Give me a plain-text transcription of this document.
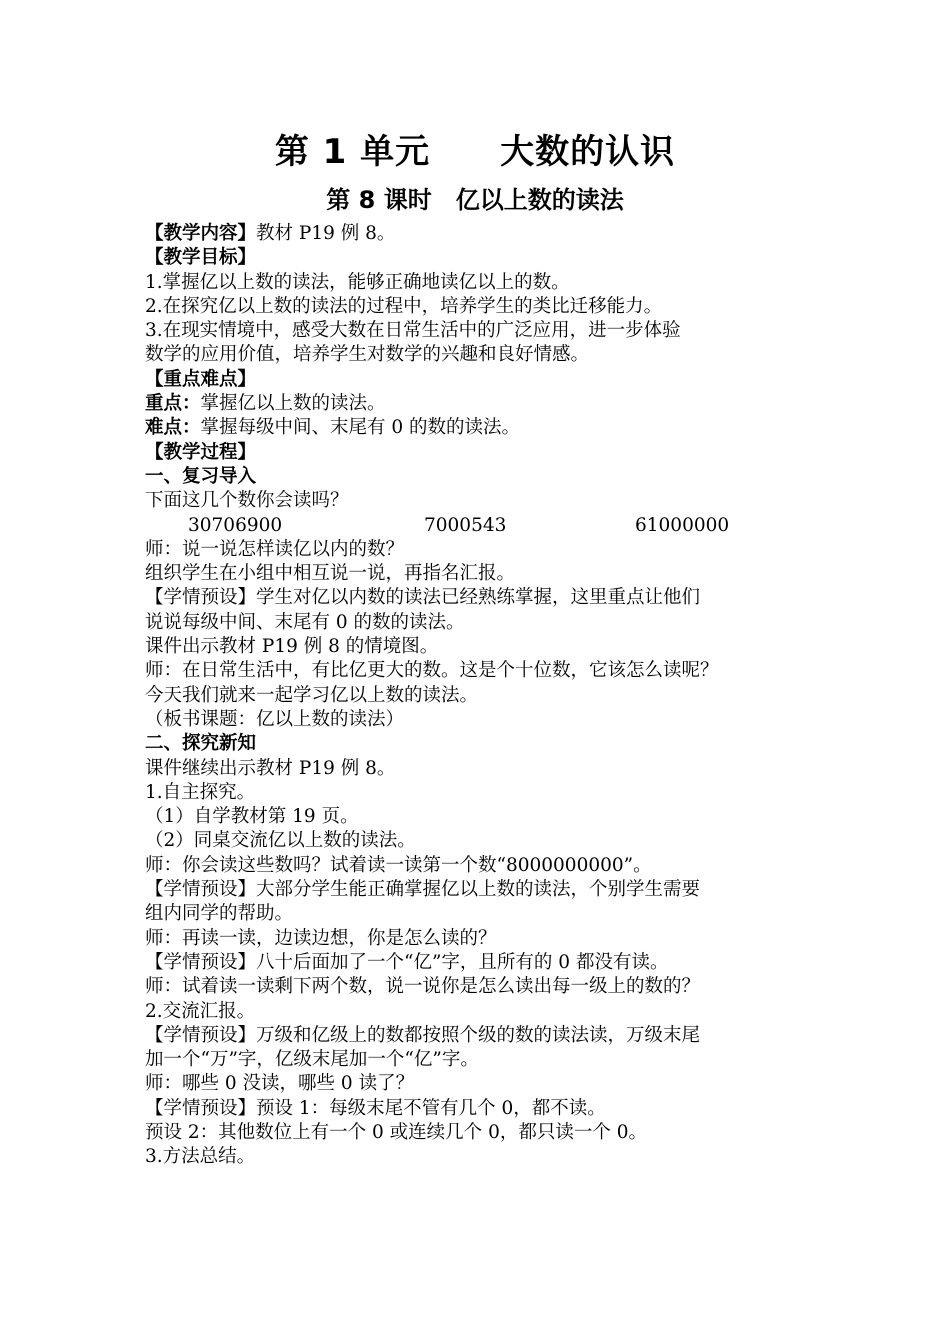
第 1 单元　　大数的认识
第 8 课时　亿以上数的读法
【教学内容】教材 P19 例 8。
【教学目标】
1.掌握亿以上数的读法，能够正确地读亿以上的数。
2.在探究亿以上数的读法的过程中，培养学生的类比迁移能力。
3.在现实情境中，感受大数在日常生活中的广泛应用，进一步体验
数学的应用价值，培养学生对数学的兴趣和良好情感。
【重点难点】
重点：掌握亿以上数的读法。
难点：掌握每级中间、末尾有 0 的数的读法。
【教学过程】
一、复习导入
下面这几个数你会读吗？
30706900	7000543	61000000
师：说一说怎样读亿以内的数？
组织学生在小组中相互说一说，再指名汇报。
【学情预设】学生对亿以内数的读法已经熟练掌握，这里重点让他们
说说每级中间、末尾有 0 的数的读法。
课件出示教材 P19 例 8 的情境图。
师：在日常生活中，有比亿更大的数。这是个十位数，它该怎么读呢？
今天我们就来一起学习亿以上数的读法。
（板书课题：亿以上数的读法）
二、探究新知
课件继续出示教材 P19 例 8。
1.自主探究。
（1）自学教材第 19 页。
（2）同桌交流亿以上数的读法。
师：你会读这些数吗？试着读一读第一个数“8000000000”。
【学情预设】大部分学生能正确掌握亿以上数的读法，个别学生需要
组内同学的帮助。
师：再读一读，边读边想，你是怎么读的？
【学情预设】八十后面加了一个“亿”字，且所有的 0 都没有读。
师：试着读一读剩下两个数，说一说你是怎么读出每一级上的数的？
2.交流汇报。
【学情预设】万级和亿级上的数都按照个级的数的读法读，万级末尾
加一个“万”字，亿级末尾加一个“亿”字。
师：哪些 0 没读，哪些 0 读了？
【学情预设】预设 1：每级末尾不管有几个 0，都不读。
预设 2：其他数位上有一个 0 或连续几个 0，都只读一个 0。
3.方法总结。
